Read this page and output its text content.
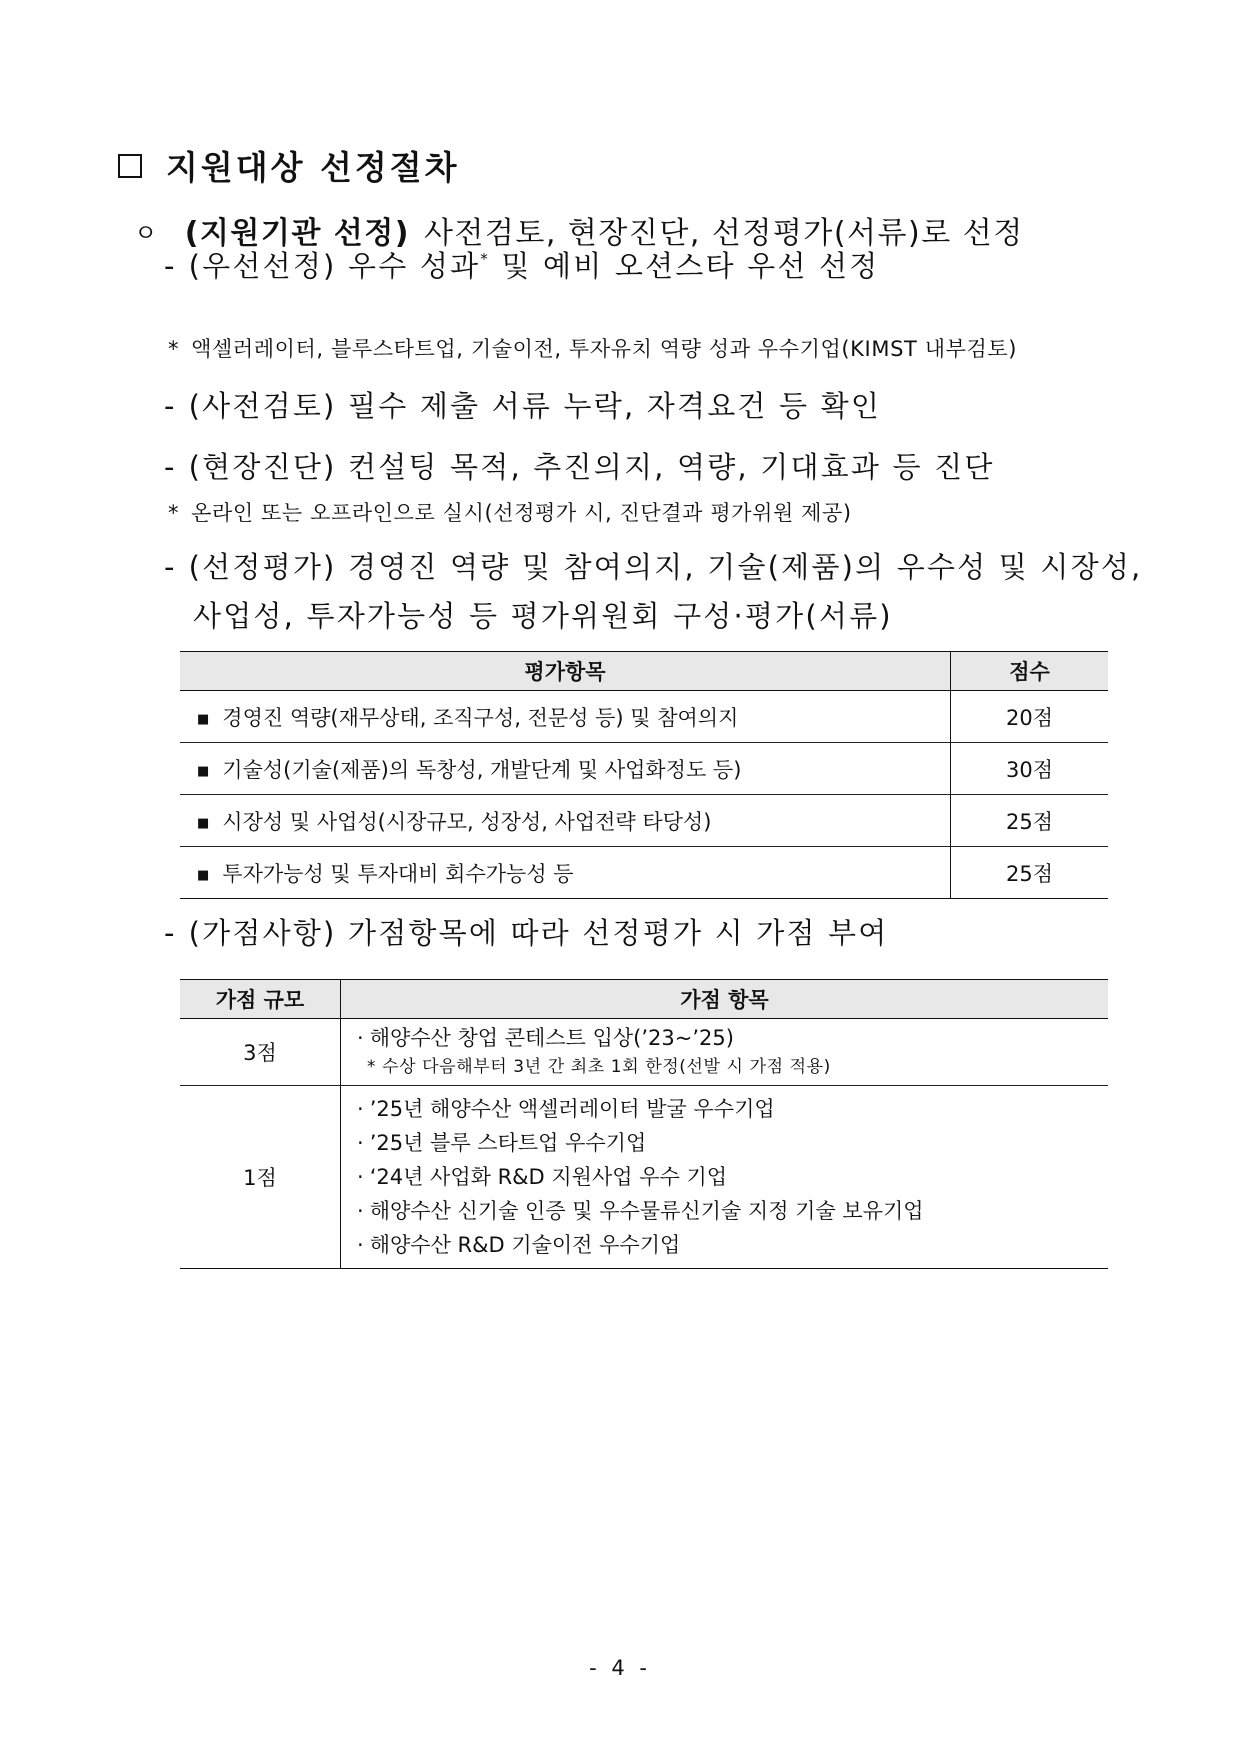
지원대상 선정절차
ㅇ (지원기관 선정) 사전검토, 현장진단, 선정평가(서류)로 선정
- (우선선정) 우수 성과* 및 예비 오션스타 우선 선정
* 액셀러레이터, 블루스타트업, 기술이전, 투자유치 역량 성과 우수기업(KIMST 내부검토)
- (사전검토) 필수 제출 서류 누락, 자격요건 등 확인
- (현장진단) 컨설팅 목적, 추진의지, 역량, 기대효과 등 진단
* 온라인 또는 오프라인으로 실시(선정평가 시, 진단결과 평가위원 제공)
- (선정평가) 경영진 역량 및 참여의지, 기술(제품)의 우수성 및 시장성,
사업성, 투자가능성 등 평가위원회 구성·평가(서류)
평가항목	점수
■ 경영진 역량(재무상태, 조직구성, 전문성 등) 및 참여의지	20점
■ 기술성(기술(제품)의 독창성, 개발단계 및 사업화정도 등)	30점
■ 시장성 및 사업성(시장규모, 성장성, 사업전략 타당성)	25점
■ 투자가능성 및 투자대비 회수가능성 등	25점
- (가점사항) 가점항목에 따라 선정평가 시 가점 부여
가점 규모	가점 항목
3점	· 해양수산 창업 콘테스트 입상(’23~’25)
* 수상 다음해부터 3년 간 최초 1회 한정(선발 시 가점 적용)

1점	· ’25년 해양수산 액셀러레이터 발굴 우수기업
· ’25년 블루 스타트업 우수기업
· ‘24년 사업화 R&D 지원사업 우수 기업
· 해양수산 신기술 인증 및 우수물류신기술 지정 기술 보유기업
· 해양수산 R&D 기술이전 우수기업
- 4 -
